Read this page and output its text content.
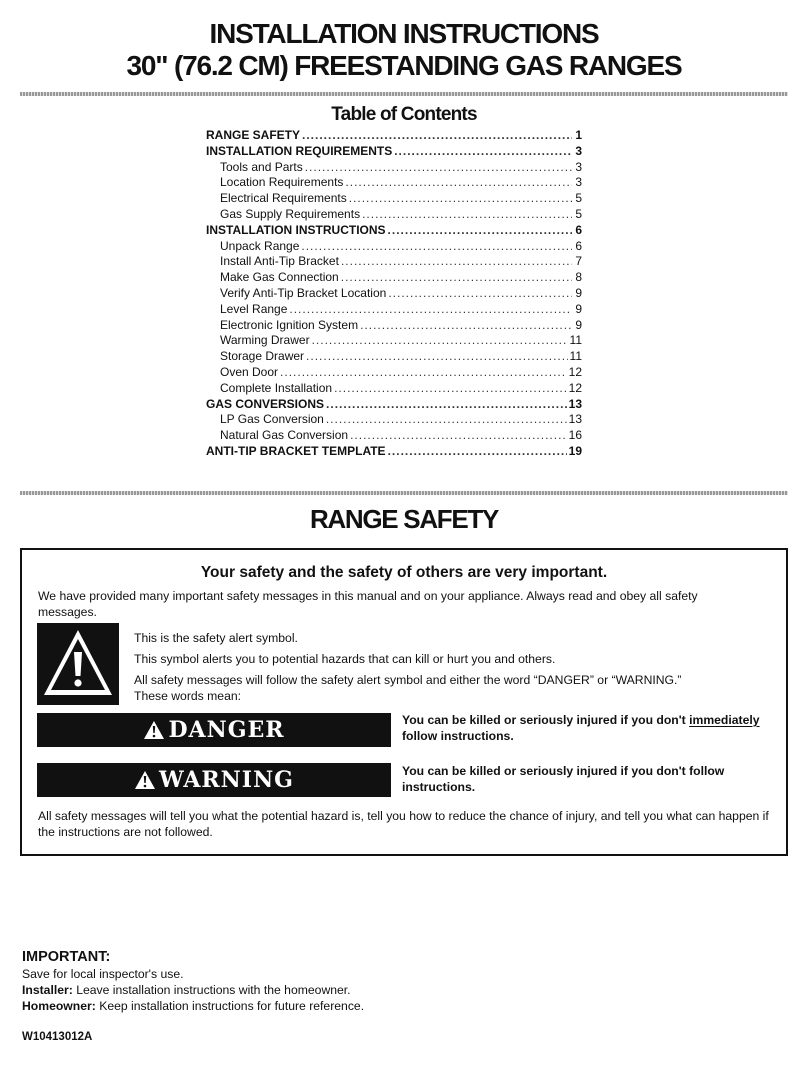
INSTALLATION INSTRUCTIONS
30" (76.2 CM) FREESTANDING GAS RANGES
Table of Contents
RANGE SAFETY .....	1
INSTALLATION REQUIREMENTS .....	3
Tools and Parts .....	3
Location Requirements .....	3
Electrical Requirements .....	5
Gas Supply Requirements .....	5
INSTALLATION INSTRUCTIONS .....	6
Unpack Range .....	6
Install Anti-Tip Bracket .....	7
Make Gas Connection .....	8
Verify Anti-Tip Bracket Location .....	9
Level Range .....	9
Electronic Ignition System .....	9
Warming Drawer .....	11
Storage Drawer .....	11
Oven Door .....	12
Complete Installation .....	12
GAS CONVERSIONS .....	13
LP Gas Conversion .....	13
Natural Gas Conversion .....	16
ANTI-TIP BRACKET TEMPLATE .....	19
RANGE SAFETY
Your safety and the safety of others are very important.
We have provided many important safety messages in this manual and on your appliance. Always read and obey all safety messages.
This is the safety alert symbol.
This symbol alerts you to potential hazards that can kill or hurt you and others.
All safety messages will follow the safety alert symbol and either the word “DANGER” or “WARNING.”
These words mean:
DANGER	You can be killed or seriously injured if you don't immediately
follow instructions.
WARNING	You can be killed or seriously injured if you don't follow instructions.
All safety messages will tell you what the potential hazard is, tell you how to reduce the chance of injury, and tell you what can happen if the instructions are not followed.
IMPORTANT:
Save for local inspector's use.
Installer: Leave installation instructions with the homeowner.
Homeowner: Keep installation instructions for future reference.
W10413012A
